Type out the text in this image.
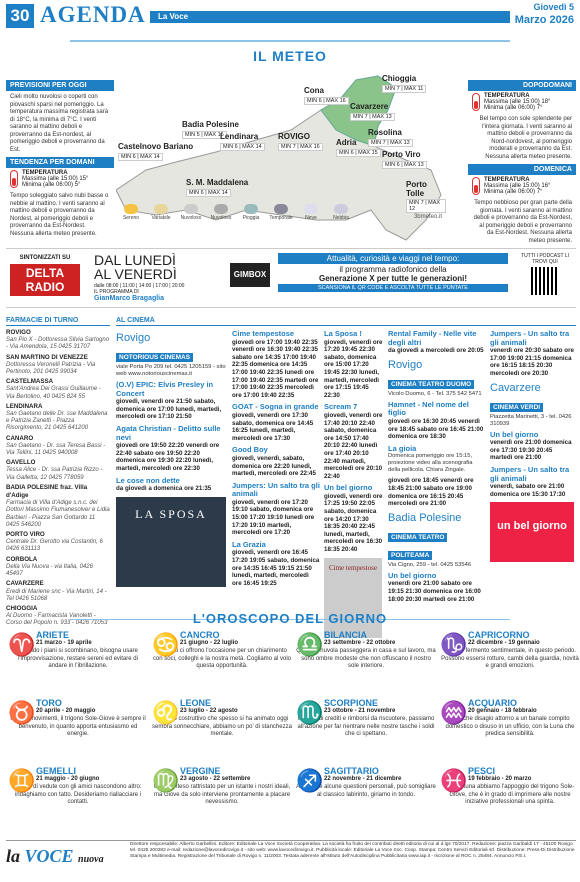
30 AGENDA	La Voce
Giovedì 5
Marzo 2026
IL METEO
PREVISIONI PER OGGI
Cieli molto nuvolosi o coperti con piovaschi sparsi nel pomeriggio. La temperatura massima registrata sarà di 18°C, la minima di 7°C. I venti saranno al mattino deboli e proverranno da Est-nordest, al pomeriggio deboli e proverranno da Est.
TENDENZA PER DOMANI
TEMPERATURA
Massima (alle 15:00) 15°
Minima (alle 06:00) 5°
Tempo soleggiato salvo nubi basse o nebbie al mattino. I venti saranno al mattino deboli e proverranno da Nordest, al pomeriggio deboli e proverranno da Est-Nordest. Nessuna allerta meteo presente.
DOPODOMANI
TEMPERATURA
Massima (alle 15:00) 18°
Minima (alle 06:00) 7°
Bel tempo con sole splendente per l'intera giornata. I venti saranno al mattino deboli e proverranno da Nord-nordovest, al pomeriggio moderati e proverranno da Est. Nessuna allerta meteo presente.
DOMENICA
TEMPERATURA
Massima (alle 15:00) 16°
Minima (alle 06:00) 7°
Tempo nebbioso per gran parte della giornata. I venti saranno al mattino deboli e proverranno da Est-Nordest, al pomeriggio deboli e proverranno da Est-Nordest. Nessuna allerta meteo presente.
Chioggia
MIN 7 | MAX 11
Cona
MIN 6 | MAX 16
Cavarzere
MIN 7 | MAX 13
Badia Polesine
MIN 5 | MAX 15
Lendinara
MIN 6 | MAX 14
ROVIGO
MIN 7 | MAX 16
Rosolina
MIN 7 | MAX 13
Adria
MIN 6 | MAX 15
Castelnovo Bariano
MIN 6 | MAX 14	Porto Viro
MIN 6 | MAX 13
S. M. Maddalena
MIN 6 | MAX 14
Porto Tolle
MIN 7 | MAX 12
Sereno	Variabile	Nuvoloso	Nuvoloso	Pioggia	Temporale	Neve	Nebbia	3bmeteo.it
SINTONIZZATI SU
DELTA RADIO
DAL LUNEDÌ
AL VENERDÌ
dalle 08:00 | 11:00 | 14:00 | 17:00 | 20:00
IL PROGRAMMA DI
GianMarco Bragaglia
GIMBOX
Attualità, curiosità e viaggi nel tempo:
il programma radiofonico della
Generazione X per tutte le generazioni!
SCANSIONA IL QR CODE E ASCOLTA TUTTE LE PUNTATE
TUTTI I PODCAST LI TROVI QUI
FARMACIE DI TURNO
ROVIGO
San Pio X - Dottoressa Silvia Sartogno - Via Amendola, 15 0425 31707
SAN MARTINO DI VENEZZE
Dottoressa Veronelli Patrizia - Via Pertinoto, 201 0425 99034
CASTELMASSA
Sant'Andrea Dei Grassi Guillaume - Via Bertolino, 40 0425 824 55
LENDINARA
San Gaetano delle Dr. sse Maddalena e Patrizia Zanetti - Piazza Risorgimento, 21 0425 641200
CANARO
San Gaetano - Dr. ssa Teresa Bassi - Via Tellini, 11 0425 940008
GAVELLO
Tessa Alice - Dr. ssa Patrizia Rizzo - Via Galletta, 12 0425 778059
BADIA POLESINE fraz. Villa d'Adige
Farmacia di Villa d'Adige s.n.c. dei Dottori Massimo Fiumanesolver e Lidia Barbieri - Piazza San Gottardo 11 0425 546200
PORTO VIRO
Centrale Dr. Gerotto via Costantin, 6 0426 631113
CORBOLA
Della Via Nuova - via Italia, 0426 45497
CAVARZERE
Eredi di Mariene snc - Via Martiri, 14 - Tel 0426 51068
CHIOGGIA
Al Duomo - Farmacista Vanoletti - Corso del Popolo n. 933 - 0426 71053
AL CINEMA
Rovigo
NOTORIOUS CINEMAS
viale Porta Po 209 tel. 0425 1205159 - sito web www.notoriouscinemas.it
(O.V) EPIC: Elvis Presley in Concert
giovedì, venerdì ore 21:50 sabato, domenica ore 17:00 lunedì, martedì, mercoledì ore 17:10 21:50
Agata Christian - Delitto sulle nevi
giovedì ore 19:50 22:20 venerdì ore 22:40 sabato ore 19:50 22:20 domenica ore 19:30 22:20 lunedì, martedì, mercoledì ore 22:30
Le cose non dette
da giovedì a domenica ore 21:35
LA SPOSA
Cime tempestose
giovedì ore 17:00 19:40 22:35 venerdì ore 16:30 19:40 22:35 sabato ore 14:35 17:00 19:40 22:35 domenica ore 14:35 17:00 19:40 22:35 lunedì ore 17:00 19:40 22:35 martedì ore 17:00 19:40 22:35 mercoledì ore 17:00 19:40 22:35
GOAT - Sogna in grande
giovedì, venerdì ore 17:30 sabato, domenica ore 14:45 16:25 lunedì, martedì, mercoledì ore 17:30
Good Boy
giovedì, venerdì, sabato, domenica ore 22:20 lunedì, martedì, mercoledì ore 22:45
Jumpers: Un salto tra gli animali
giovedì, venerdì ore 17:20 19:10 sabato, domenica ore 15:00 17:20 19:10 lunedì ore 17:20 19:10 martedì, mercoledì ore 17:20
La Grazia
giovedì, venerdì ore 16:45 17:20 19:05 sabato, domenica ore 14:35 16:45 19:15 21:50 lunedì, martedì, mercoledì ore 16:45 19:25
La Sposa !
giovedì, venerdì ore 17:20 19:45 22:30 sabato, domenica ore 15:00 17:20 19:45 22:30 lunedì, martedì, mercoledì ore 17:15 19:45 22:30
Scream 7
giovedì, venerdì ore 17:40 20:10 22:40 sabato, domenica ore 14:50 17:40 20:10 22:40 lunedì ore 17:40 20:10 22:40 martedì, mercoledì ore 20:10 22:40
Un bel giorno
giovedì, venerdì ore 17:25 19:50 22:05 sabato, domenica ore 14:20 17:30 18:35 20:40 22:45 lunedì, martedì, mercoledì ore 16:30 18:35 20:40
Cime tempestose
Rental Family - Nelle vite degli altri
da giovedì a mercoledì ore 20:05
Rovigo
CINEMA TEATRO DUOMO
Vicolo Duomo, 6 - Tel. 375 542 5471
Hamnet - Nel nome del figlio
giovedì ore 16:30 20:45 venerdì ore 18:45 sabato ore 16:45 21:00 domenica ore 18:30
La gioia
Domenica pomeriggio ore 15:15, proiezione video alla scenografia della pellicola. Chiara Zingale.
giovedì ore 18:45 venerdì ore 18:45 21:00 sabato ore 19:00 domenica ore 16:15 20:45 mercoledì ore 21:00
Badia Polesine
CINEMA TEATRO
POLITEAMA
Via Cigno, 259 - tel. 0425 53546
Un bel giorno
venerdì ore 21:00 sabato ore 19:15 21:30 domenica ore 16:00 18:00 20:30 martedì ore 21:00
Jumpers - Un salto tra gli animali
venerdì ore 20:30 sabato ore 17:00 19:00 21:15 domenica ore 16:15 18:15 20:30 mercoledì ore 20:30
Cavarzere
CINEMA VERDI
Piazzetta Marinetti, 3 - tel. 0426 310939
Un bel giorno
venerdì ore 21:00 domenica ore 17:30 19:30 20:45 martedì ore 21:00
Jumpers - Un salto tra gli animali
venerdì, sabato ore 21:00 domenica ore 15:30 17:30
un bel giorno
L'OROSCOPO DEL GIORNO
♈ ARIETE
21 marzo - 19 aprile
Quando i piani si scombinano, bisogna usare l'improvvisazione, restare sereni ed evitare di andare in l'ibrillazione.
♋ CANCRO
21 giugno - 22 luglio
I pianeti ci offrono l'occasione per un chiarimento con soci, colleghi e la nostra metà. Cogliamo al volo questa opportunità.
♎ BILANCIA
23 settembre - 22 ottobre
Qualche nuvola passeggera in casa e sul lavoro, ma sono ombre modeste che non offuscano il nostro sole interiore.
♑ CAPRICORNO
22 dicembre - 19 gennaio
Grande fermento sentimentale, in questo periodo. Possono essersi rotture, cambi della guardia, novità e grandi emozioni.
♉ TORO
20 aprile - 20 maggio
In virtù movimenti, il trigono Sole-Giove è sempre il benvenuto, in quanto apporta entusiasmo ed energie.
♌ LEONE
23 luglio - 22 agosto
Impulso costruttivo che spesso si ha animato oggi sembra sonnecchiare, abbiamo un po' di stanchezza mentale.
♏ SCORPIONE
23 ottobre - 21 novembre
In caso di crediti e rimborsi da riscuotere, passiamo all'azione per far rientrare nelle nostre tasche i soldi che ci spettano.
♒ ACQUARIO
20 gennaio - 18 febbraio
Qualche disagio attorno a un banale compito domestico o disuso in un ufficio, con la Luna che predica sensibilità.
♊ GEMELLI
21 maggio - 20 giugno
I dividi di vedute con gli amici nascondono altro: indaghiamo con tatto. Desideriamo riallacciare i contatti.
♍ VERGINE
23 agosto - 22 settembre
Un malinteso rattristato per un istante i nostri ideali, ma Giove da solo interviene prontamente a placare nevessismo.
♐ SAGITTARIO
22 novembre - 21 dicembre
Affrontare alcune questioni personali, può somigliare al classico labirinto, giriamo in tondo.
♓ PESCI
19 febbraio - 20 marzo
Per fortuna abbiamo l'appoggio del trigono Sole-Giove, che è in grado di imprimere alle nostre iniziative professionali una spinta.
la VOCE nuova
Direttore responsabile: Alberto Garbellini. Editore: Editoriale La Voce Società Cooperativa. La società ha fruito dei contributi diretti editoria di cui al d.lgs 70/2017. Redazione: piazza Garibaldi 17 - 45100 Rovigo tel. 0425 200282 e-mail: redazione@lavocedirovigo.it - sito web: www.lavocedirovigo.it. Pubblicità locale: Editoriale La Voce Soc. Coop. Stampa: Centro Servizi Editoriali srl. Distribuzione: Press-Di Distribuzione Stampa e Multimedia. Registrazione del Tribunale di Rovigo n. 11/2003. Testata aderente all'Istituto dell'Autodisciplina Pubblicitaria www.iap.it - Iscrizione al ROC n. 25484. Annuncio P.E.I.
